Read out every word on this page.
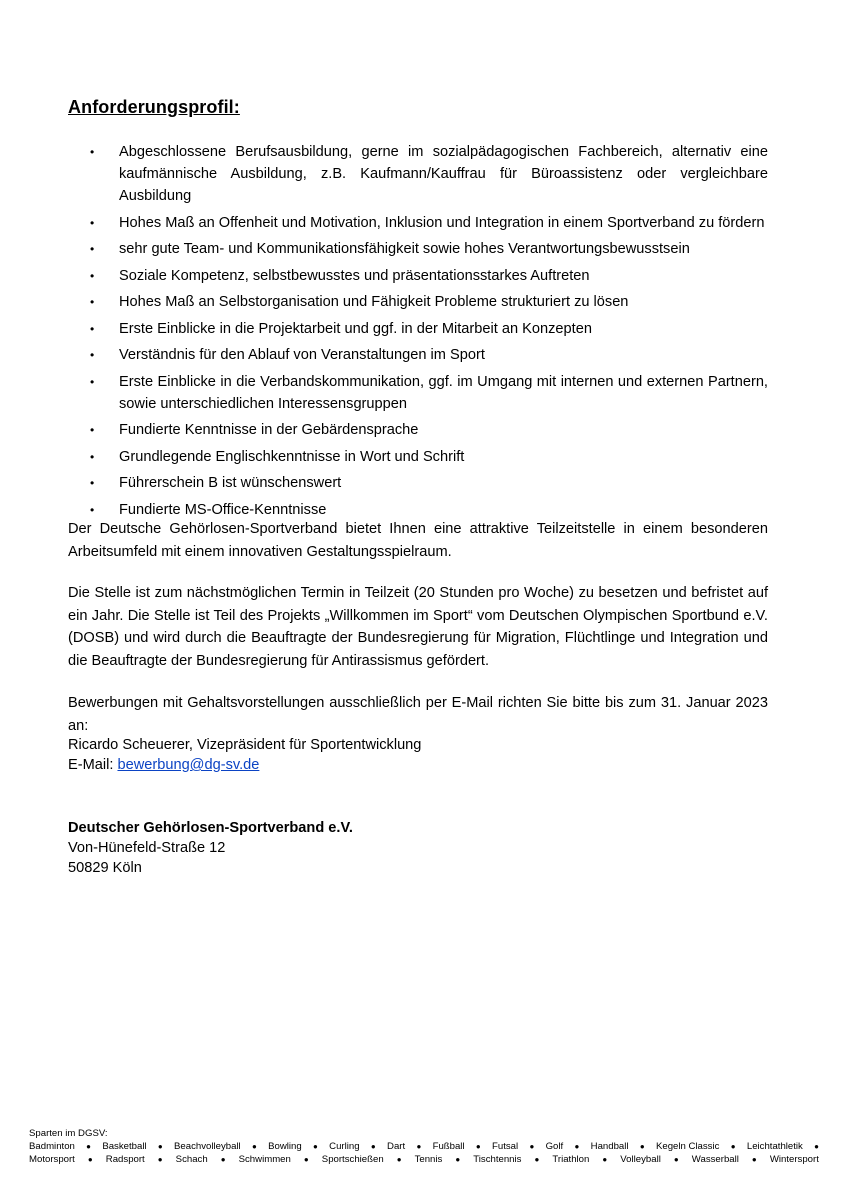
Anforderungsprofil:
• Abgeschlossene Berufsausbildung, gerne im sozialpädagogischen Fachbereich, alternativ eine kaufmännische Ausbildung, z.B. Kaufmann/Kauffrau für Büroassistenz oder vergleichbare Ausbildung
• Hohes Maß an Offenheit und Motivation, Inklusion und Integration in einem Sportverband zu fördern
• sehr gute Team- und Kommunikationsfähigkeit sowie hohes Verantwortungsbewusstsein
• Soziale Kompetenz, selbstbewusstes und präsentationsstarkes Auftreten
• Hohes Maß an Selbstorganisation und Fähigkeit Probleme strukturiert zu lösen
• Erste Einblicke in die Projektarbeit und ggf. in der Mitarbeit an Konzepten
• Verständnis für den Ablauf von Veranstaltungen im Sport
• Erste Einblicke in die Verbandskommunikation, ggf. im Umgang mit internen und externen Partnern, sowie unterschiedlichen Interessensgruppen
• Fundierte Kenntnisse in der Gebärdensprache
• Grundlegende Englischkenntnisse in Wort und Schrift
• Führerschein B ist wünschenswert
• Fundierte MS-Office-Kenntnisse

Der Deutsche Gehörlosen-Sportverband bietet Ihnen eine attraktive Teilzeitstelle in einem besonderen Arbeitsumfeld mit einem innovativen Gestaltungsspielraum.

Die Stelle ist zum nächstmöglichen Termin in Teilzeit (20 Stunden pro Woche) zu besetzen und befristet auf ein Jahr. Die Stelle ist Teil des Projekts „Willkommen im Sport“ vom Deutschen Olympischen Sportbund e.V. (DOSB) und wird durch die Beauftragte der Bundesregierung für Migration, Flüchtlinge und Integration und die Beauftragte der Bundesregierung für Antirassismus gefördert.

Bewerbungen mit Gehaltsvorstellungen ausschließlich per E-Mail richten Sie bitte bis zum 31. Januar 2023 an:

Ricardo Scheuerer, Vizepräsident für Sportentwicklung
E-Mail: bewerbung@dg-sv.de
Deutscher Gehörlosen-Sportverband e.V.
Von-Hünefeld-Straße 12
50829 Köln
Sparten im DGSV:
Badminton ● Basketball ● Beachvolleyball ● Bowling ● Curling ● Dart ● Fußball ● Futsal ● Golf ● Handball ● Kegeln Classic ● Leichtathletik ●
Motorsport ● Radsport ● Schach ● Schwimmen ● Sportschießen ● Tennis ● Tischtennis ● Triathlon ● Volleyball ● Wasserball ● Wintersport
